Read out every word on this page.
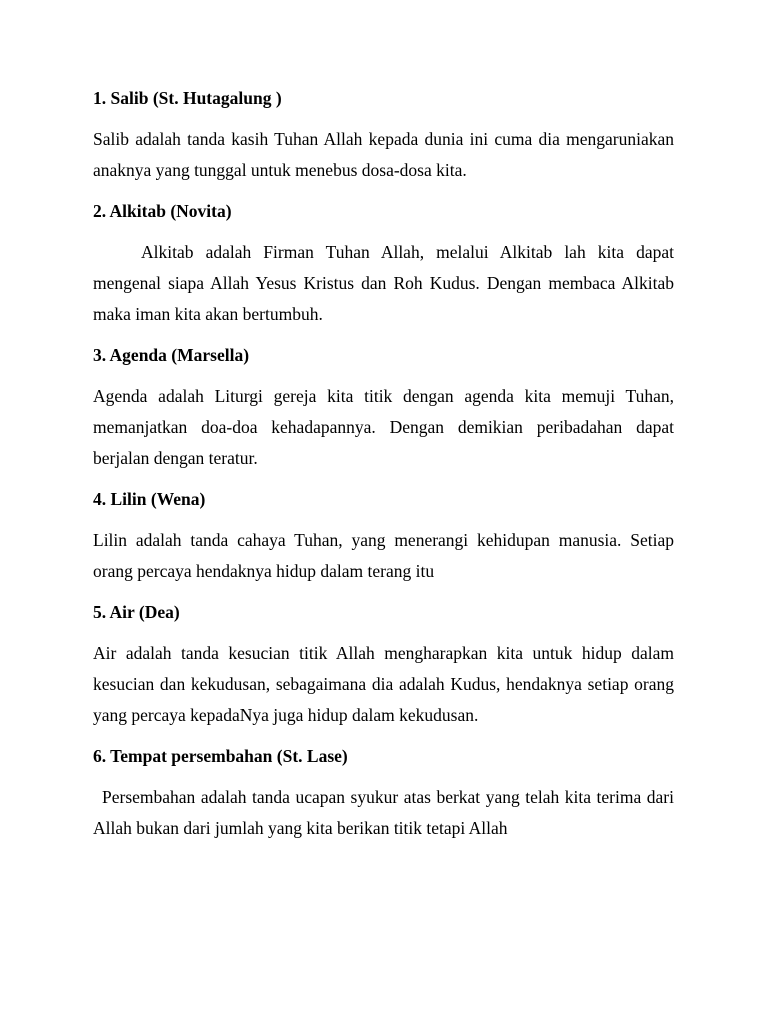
1. Salib (St. Hutagalung )

Salib adalah tanda kasih Tuhan Allah kepada dunia ini cuma dia mengaruniakan anaknya yang tunggal untuk menebus dosa-dosa kita.

2. Alkitab (Novita)

Alkitab adalah Firman Tuhan Allah, melalui Alkitab lah kita dapat mengenal siapa Allah Yesus Kristus dan Roh Kudus. Dengan membaca Alkitab maka iman kita akan bertumbuh.

3. Agenda (Marsella)

Agenda adalah Liturgi gereja kita titik dengan agenda kita memuji Tuhan, memanjatkan doa-doa kehadapannya. Dengan demikian peribadahan dapat berjalan dengan teratur.

4. Lilin (Wena)

Lilin adalah tanda cahaya Tuhan, yang menerangi kehidupan manusia. Setiap orang percaya hendaknya hidup dalam terang itu

5. Air (Dea)

Air adalah tanda kesucian titik Allah mengharapkan kita untuk hidup dalam kesucian dan kekudusan, sebagaimana dia adalah Kudus, hendaknya setiap orang yang percaya kepadaNya juga hidup dalam kekudusan.

6. Tempat persembahan (St. Lase)

Persembahan adalah tanda ucapan syukur atas berkat yang telah kita terima dari Allah bukan dari jumlah yang kita berikan titik tetapi Allah
